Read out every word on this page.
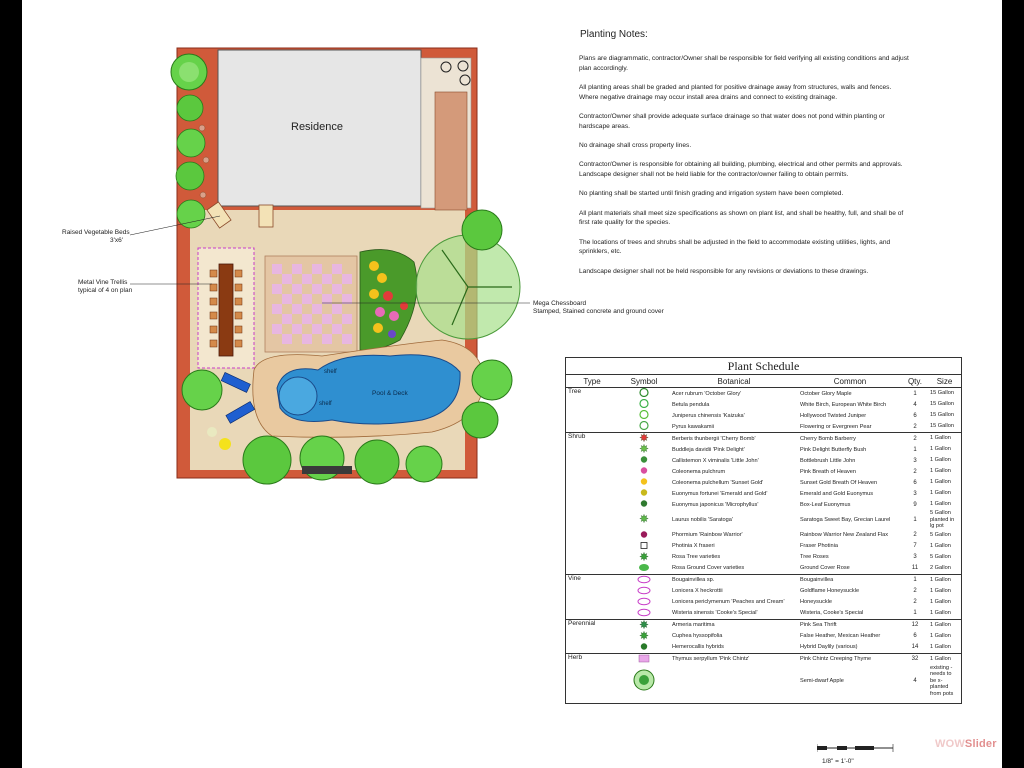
Residence
shelf
shelf
Pool & Deck
Raised Vegetable Beds
3'x6'
Metal Vine Trellis
typical of 4 on plan
Mega Chessboard
Stamped, Stained concrete and ground cover
Planting Notes:
Plans are diagrammatic, contractor/Owner shall be responsible for field verifying all existing conditions and adjust plan accordingly.
All planting areas shall be graded and planted for positive drainage away from structures, walls and fences. Where negative drainage may occur install area drains and connect to existing drainage.
Contractor/Owner shall provide adequate surface drainage so that water does not pond within planting or hardscape areas.
No drainage shall cross property lines.
Contractor/Owner is responsible for obtaining all building, plumbing, electrical and other permits and approvals. Landscape designer shall not be held liable for the contractor/owner failing to obtain permits.
No planting shall be started until finish grading and irrigation system have been completed.
All plant materials shall meet size specifications as shown on plant list, and shall be healthy, full, and shall be of first rate quality for the species.
The locations of trees and shrubs shall be adjusted in the field to accommodate existing utilities, lights, and sprinklers, etc.
Landscape designer shall not be held responsible for any revisions or deviations to these drawings.
Plant Schedule
Type	Symbol	Botanical	Common	Qty.	Size
Tree		Acer rubrum 'October Glory'	October Glory Maple	1	15 Gallon
		Betula pendula	White Birch, European White Birch	4	15 Gallon
		Juniperus chinensis 'Kaizuka'	Hollywood Twisted Juniper	6	15 Gallon
		Pyrus kawakamii	Flowering or Evergreen Pear	2	15 Gallon
Shrub		Berberis thunbergii 'Cherry Bomb'	Cherry Bomb Barberry	2	1 Gallon
		Buddleja davidii 'Pink Delight'	Pink Delight Butterfly Bush	1	1 Gallon
		Callistemon X viminalis 'Little John'	Bottlebrush Little John	3	1 Gallon
		Coleonema pulchrum	Pink Breath of Heaven	2	1 Gallon
		Coleonema pulchellum 'Sunset Gold'	Sunset Gold Breath Of Heaven	6	1 Gallon
		Euonymus fortunei 'Emerald and Gold'	Emerald and Gold Euonymus	3	1 Gallon
		Euonymus japonicus 'Microphyllus'	Box-Leaf Euonymus	9	1 Gallon
		Laurus nobilis 'Saratoga'	Saratoga Sweet Bay, Grecian Laurel	1	5 Gallon planted in lg pot
		Phormium 'Rainbow Warrior'	Rainbow Warrior New Zealand Flax	2	5 Gallon
		Photinia X fraseri	Fraser Photinia	7	1 Gallon
		Rosa Tree varieties	Tree Roses	3	5 Gallon
		Rosa Ground Cover varieties	Ground Cover Rose	11	2 Gallon
Vine		Bougainvillea sp.	Bougainvillea	1	1 Gallon
		Lonicera X heckrottii	Goldflame Honeysuckle	2	1 Gallon
		Lonicera periclymenum 'Peaches and Cream'	Honeysuckle	2	1 Gallon
		Wisteria sinensis 'Cooke's Special'	Wisteria, Cooke's Special	1	1 Gallon
Perennial		Armeria maritima	Pink Sea Thrift	12	1 Gallon
		Cuphea hyssopifolia	False Heather, Mexican Heather	6	1 Gallon
		Hemerocallis hybrids	Hybrid Daylily (various)	14	1 Gallon
Herb		Thymus serpyllum 'Pink Chintz'	Pink Chintz Creeping Thyme	32	1 Gallon
			Semi-dwarf Apple	4	existing - needs to be x-planted from pots
1/8" = 1'-0"
WOWSlider
